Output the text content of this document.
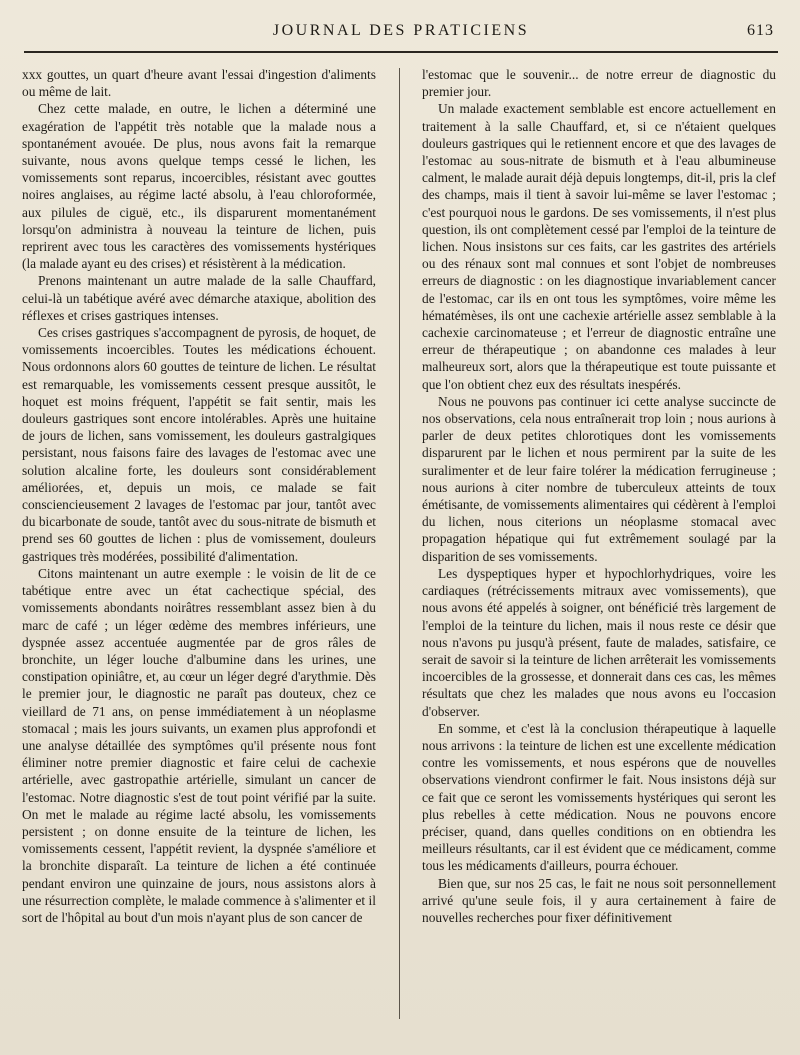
JOURNAL DES PRATICIENS	613

xxx gouttes, un quart d'heure avant l'essai d'ingestion d'aliments ou même de lait.

Chez cette malade, en outre, le lichen a déterminé une exagération de l'appétit très notable que la malade nous a spontanément avouée. De plus, nous avons fait la remarque suivante, nous avons quelque temps cessé le lichen, les vomissements sont reparus, incoercibles, résistant avec gouttes noires anglaises, au régime lacté absolu, à l'eau chloroformée, aux pilules de ciguë, etc., ils disparurent momentanément lorsqu'on administra à nouveau la teinture de lichen, puis reprirent avec tous les caractères des vomissements hystériques (la malade ayant eu des crises) et résistèrent à la médication.

Prenons maintenant un autre malade de la salle Chauffard, celui-là un tabétique avéré avec démarche ataxique, abolition des réflexes et crises gastriques intenses.

Ces crises gastriques s'accompagnent de pyrosis, de hoquet, de vomissements incoercibles. Toutes les médications échouent. Nous ordonnons alors 60 gouttes de teinture de lichen. Le résultat est remarquable, les vomissements cessent presque aussitôt, le hoquet est moins fréquent, l'appétit se fait sentir, mais les douleurs gastriques sont encore intolérables. Après une huitaine de jours de lichen, sans vomissement, les douleurs gastralgiques persistant, nous faisons faire des lavages de l'estomac avec une solution alcaline forte, les douleurs sont considérablement améliorées, et, depuis un mois, ce malade se fait consciencieusement 2 lavages de l'estomac par jour, tantôt avec du bicarbonate de soude, tantôt avec du sous-nitrate de bismuth et prend ses 60 gouttes de lichen : plus de vomissement, douleurs gastriques très modérées, possibilité d'alimentation.

Citons maintenant un autre exemple : le voisin de lit de ce tabétique entre avec un état cachectique spécial, des vomissements abondants noirâtres ressemblant assez bien à du marc de café ; un léger œdème des membres inférieurs, une dyspnée assez accentuée augmentée par de gros râles de bronchite, un léger louche d'albumine dans les urines, une constipation opiniâtre, et, au cœur un léger degré d'arythmie. Dès le premier jour, le diagnostic ne paraît pas douteux, chez ce vieillard de 71 ans, on pense immédiatement à un néoplasme stomacal ; mais les jours suivants, un examen plus approfondi et une analyse détaillée des symptômes qu'il présente nous font éliminer notre premier diagnostic et faire celui de cachexie artérielle, avec gastropathie artérielle, simulant un cancer de l'estomac. Notre diagnostic s'est de tout point vérifié par la suite. On met le malade au régime lacté absolu, les vomissements persistent ; on donne ensuite de la teinture de lichen, les vomissements cessent, l'appétit revient, la dyspnée s'améliore et la bronchite disparaît. La teinture de lichen a été continuée pendant environ une quinzaine de jours, nous assistons alors à une résurrection complète, le malade commence à s'alimenter et il sort de l'hôpital au bout d'un mois n'ayant plus de son cancer de

l'estomac que le souvenir... de notre erreur de diagnostic du premier jour.

Un malade exactement semblable est encore actuellement en traitement à la salle Chauffard, et, si ce n'étaient quelques douleurs gastriques qui le retiennent encore et que des lavages de l'estomac au sous-nitrate de bismuth et à l'eau albumineuse calment, le malade aurait déjà depuis longtemps, dit-il, pris la clef des champs, mais il tient à savoir lui-même se laver l'estomac ; c'est pourquoi nous le gardons. De ses vomissements, il n'est plus question, ils ont complètement cessé par l'emploi de la teinture de lichen. Nous insistons sur ces faits, car les gastrites des artériels ou des rénaux sont mal connues et sont l'objet de nombreuses erreurs de diagnostic : on les diagnostique invariablement cancer de l'estomac, car ils en ont tous les symptômes, voire même les hématémèses, ils ont une cachexie artérielle assez semblable à la cachexie carcinomateuse ; et l'erreur de diagnostic entraîne une erreur de thérapeutique ; on abandonne ces malades à leur malheureux sort, alors que la thérapeutique est toute puissante et que l'on obtient chez eux des résultats inespérés.

Nous ne pouvons pas continuer ici cette analyse succincte de nos observations, cela nous entraînerait trop loin ; nous aurions à parler de deux petites chlorotiques dont les vomissements disparurent par le lichen et nous permirent par la suite de les suralimenter et de leur faire tolérer la médication ferrugineuse ; nous aurions à citer nombre de tuberculeux atteints de toux émétisante, de vomissements alimentaires qui cédèrent à l'emploi du lichen, nous citerions un néoplasme stomacal avec propagation hépatique qui fut extrêmement soulagé par la disparition de ses vomissements.

Les dyspeptiques hyper et hypochlorhydriques, voire les cardiaques (rétrécissements mitraux avec vomissements), que nous avons été appelés à soigner, ont bénéficié très largement de l'emploi de la teinture du lichen, mais il nous reste ce désir que nous n'avons pu jusqu'à présent, faute de malades, satisfaire, ce serait de savoir si la teinture de lichen arrêterait les vomissements incoercibles de la grossesse, et donnerait dans ces cas, les mêmes résultats que chez les malades que nous avons eu l'occasion d'observer.

En somme, et c'est là la conclusion thérapeutique à laquelle nous arrivons : la teinture de lichen est une excellente médication contre les vomissements, et nous espérons que de nouvelles observations viendront confirmer le fait. Nous insistons déjà sur ce fait que ce seront les vomissements hystériques qui seront les plus rebelles à cette médication. Nous ne pouvons encore préciser, quand, dans quelles conditions on en obtiendra les meilleurs résultants, car il est évident que ce médicament, comme tous les médicaments d'ailleurs, pourra échouer.

Bien que, sur nos 25 cas, le fait ne nous soit personnellement arrivé qu'une seule fois, il y aura certainement à faire de nouvelles recherches pour fixer définitivement
